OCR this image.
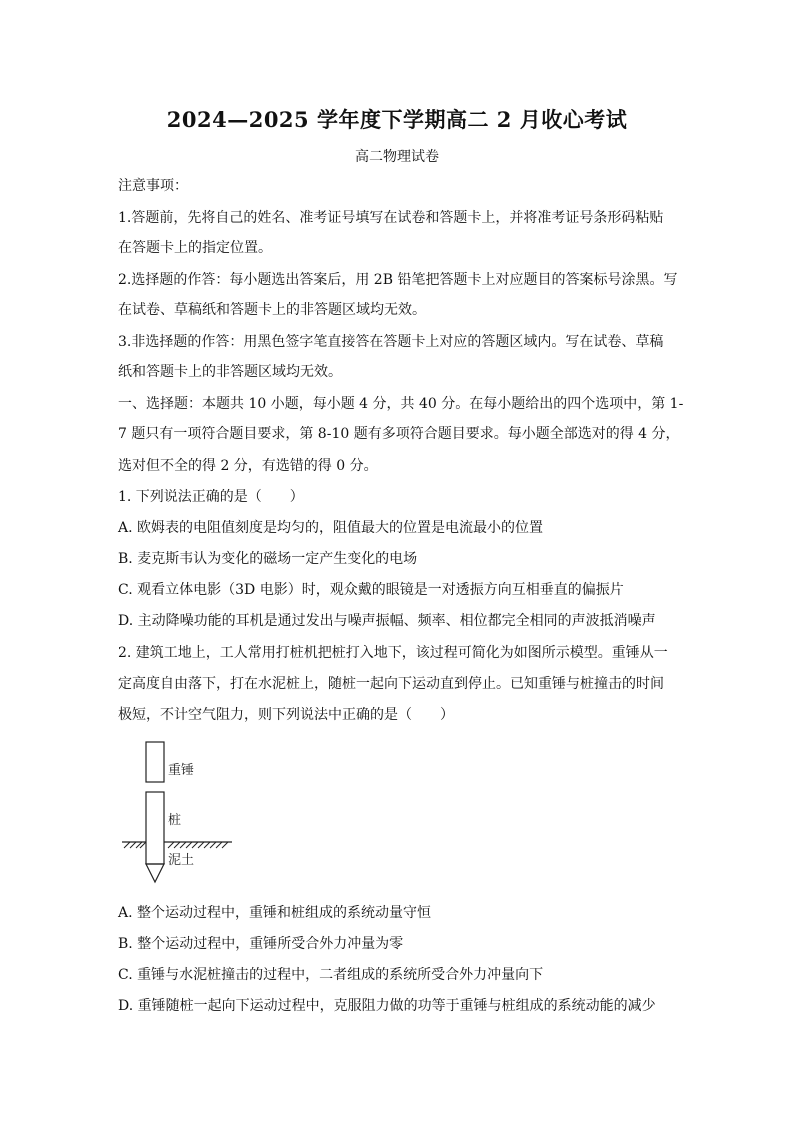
2024—2025 学年度下学期高二 2 月收心考试
高二物理试卷
注意事项：
1.答题前，先将自己的姓名、准考证号填写在试卷和答题卡上，并将准考证号条形码粘贴
在答题卡上的指定位置。
2.选择题的作答：每小题选出答案后，用 2B 铅笔把答题卡上对应题目的答案标号涂黑。写
在试卷、草稿纸和答题卡上的非答题区域均无效。
3.非选择题的作答：用黑色签字笔直接答在答题卡上对应的答题区域内。写在试卷、草稿
纸和答题卡上的非答题区域均无效。
一、选择题：本题共 10 小题，每小题 4 分，共 40 分。在每小题给出的四个选项中，第 1-
7 题只有一项符合题目要求，第 8-10 题有多项符合题目要求。每小题全部选对的得 4 分，
选对但不全的得 2 分，有选错的得 0 分。
1. 下列说法正确的是（　　）
A. 欧姆表的电阻值刻度是均匀的，阻值最大的位置是电流最小的位置
B. 麦克斯韦认为变化的磁场一定产生变化的电场
C. 观看立体电影（3D 电影）时，观众戴的眼镜是一对透振方向互相垂直的偏振片
D. 主动降噪功能的耳机是通过发出与噪声振幅、频率、相位都完全相同的声波抵消噪声
2. 建筑工地上，工人常用打桩机把桩打入地下，该过程可简化为如图所示模型。重锤从一
定高度自由落下，打在水泥桩上，随桩一起向下运动直到停止。已知重锤与桩撞击的时间
极短，不计空气阻力，则下列说法中正确的是（　　）
重锤
桩
泥土
A. 整个运动过程中，重锤和桩组成的系统动量守恒
B. 整个运动过程中，重锤所受合外力冲量为零
C. 重锤与水泥桩撞击的过程中，二者组成的系统所受合外力冲量向下
D. 重锤随桩一起向下运动过程中，克服阻力做的功等于重锤与桩组成的系统动能的减少
